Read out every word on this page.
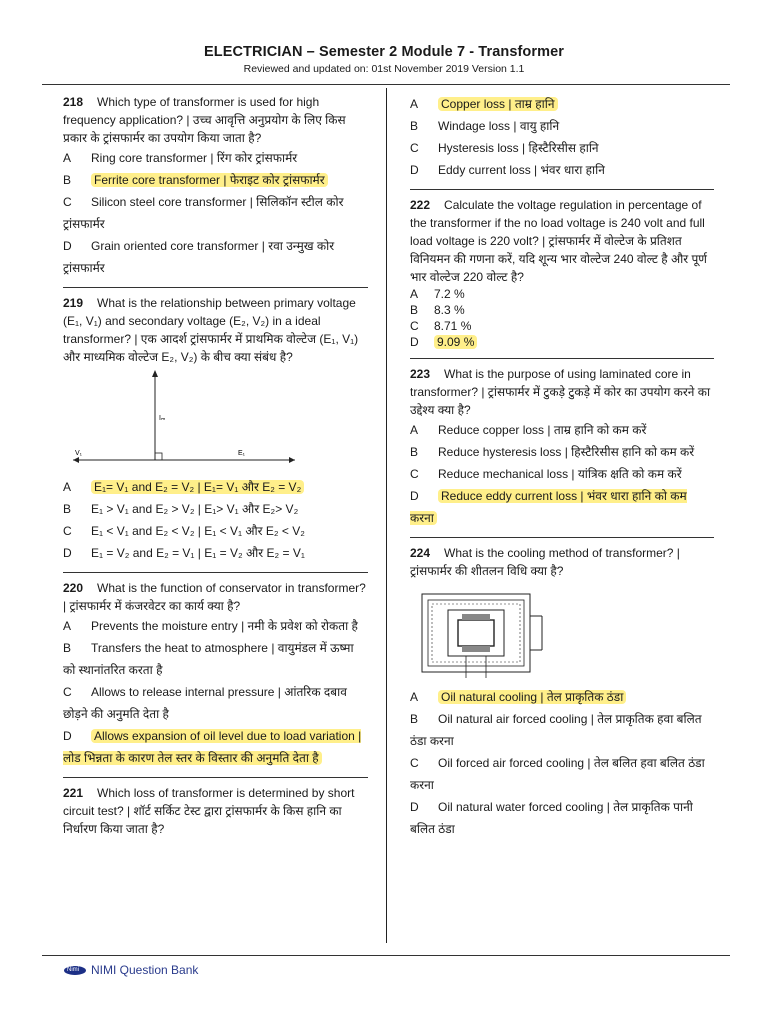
ELECTRICIAN – Semester 2 Module 7 - Transformer
Reviewed and updated on: 01st November 2019 Version 1.1
218 Which type of transformer is used for high frequency application? | उच्च आवृत्ति अनुप्रयोग के लिए किस प्रकार के ट्रांसफार्मर का उपयोग किया जाता है?
A Ring core transformer | रिंग कोर ट्रांसफार्मर
B Ferrite core transformer | फेराइट कोर ट्रांसफार्मर
C Silicon steel core transformer | सिलिकॉन स्टील कोर ट्रांसफार्मर
D Grain oriented core transformer | रवा उन्मुख कोर ट्रांसफार्मर
219 What is the relationship between primary voltage (E₁, V₁) and secondary voltage (E₂, V₂) in a ideal transformer? | एक आदर्श ट्रांसफार्मर में प्राथमिक वोल्टेज (E₁, V₁) और माध्यमिक वोल्टेज E₂, V₂) के बीच क्या संबंध है?
V₁
Iₘ
E₁
A E₁= V₁ and E₂ = V₂ | E₁= V₁ और E₂ = V₂
B E₁ > V₁ and E₂ > V₂ | E₁> V₁ और E₂> V₂
C E₁ < V₁ and E₂ < V₂ | E₁ < V₁ और E₂ < V₂
D E₁ = V₂ and E₂ = V₁ | E₁ = V₂ और E₂ = V₁
220 What is the function of conservator in transformer? | ट्रांसफार्मर में कंजरवेटर का कार्य क्या है?
A Prevents the moisture entry | नमी के प्रवेश को रोकता है
B Transfers the heat to atmosphere | वायुमंडल में ऊष्मा को स्थानांतरित करता है
C Allows to release internal pressure | आंतरिक दबाव छोड़ने की अनुमति देता है
D Allows expansion of oil level due to load variation | लोड भिन्नता के कारण तेल स्तर के विस्तार की अनुमति देता है
221 Which loss of transformer is determined by short circuit test? | शॉर्ट सर्किट टेस्ट द्वारा ट्रांसफार्मर के किस हानि का निर्धारण किया जाता है?
A Copper loss | ताम्र हानि
B Windage loss | वायु हानि
C Hysteresis loss | हिस्टैरिसीस हानि
D Eddy current loss | भंवर धारा हानि
222 Calculate the voltage regulation in percentage of the transformer if the no load voltage is 240 volt and full load voltage is 220 volt? | ट्रांसफार्मर में वोल्टेज के प्रतिशत विनियमन की गणना करें, यदि शून्य भार वोल्टेज 240 वोल्ट है और पूर्ण भार वोल्टेज 220 वोल्ट है?
A 7.2 %
B 8.3 %
C 8.71 %
D 9.09 %
223 What is the purpose of using laminated core in transformer? | ट्रांसफार्मर में टुकड़े टुकड़े में कोर का उपयोग करने का उद्देश्य क्या है?
A Reduce copper loss | ताम्र हानि को कम करें
B Reduce hysteresis loss | हिस्टैरिसीस हानि को कम करें
C Reduce mechanical loss | यांत्रिक क्षति को कम करें
D Reduce eddy current loss | भंवर धारा हानि को कम करना
224 What is the cooling method of transformer? | ट्रांसफार्मर की शीतलन विधि क्या है?
A Oil natural cooling | तेल प्राकृतिक ठंडा
B Oil natural air forced cooling | तेल प्राकृतिक हवा बलित ठंडा करना
C Oil forced air forced cooling | तेल बलित हवा बलित ठंडा करना
D Oil natural water forced cooling | तेल प्राकृतिक पानी बलित ठंडा
Nimi NIMI Question Bank
